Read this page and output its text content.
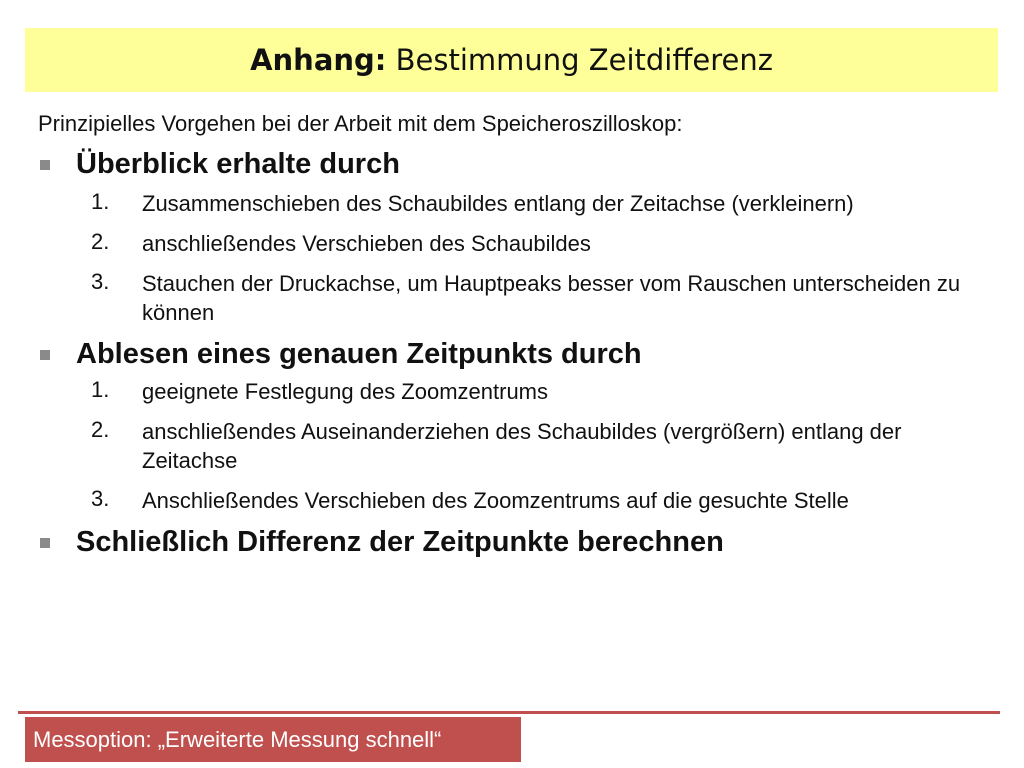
Anhang: Bestimmung Zeitdifferenz
Prinzipielles Vorgehen bei der Arbeit mit dem Speicheroszilloskop:
Überblick erhalte durch
1.	Zusammenschieben des Schaubildes entlang der Zeitachse (verkleinern)
2.	anschließendes Verschieben des Schaubildes
3.	Stauchen der Druckachse, um Hauptpeaks besser vom Rauschen unterscheiden zu können
Ablesen eines genauen Zeitpunkts durch
1.	geeignete Festlegung des Zoomzentrums
2.	anschließendes Auseinanderziehen des Schaubildes (vergrößern) entlang der Zeitachse
3.	Anschließendes Verschieben des Zoomzentrums auf die gesuchte Stelle
Schließlich Differenz der Zeitpunkte berechnen
Messoption: „Erweiterte Messung schnell“
